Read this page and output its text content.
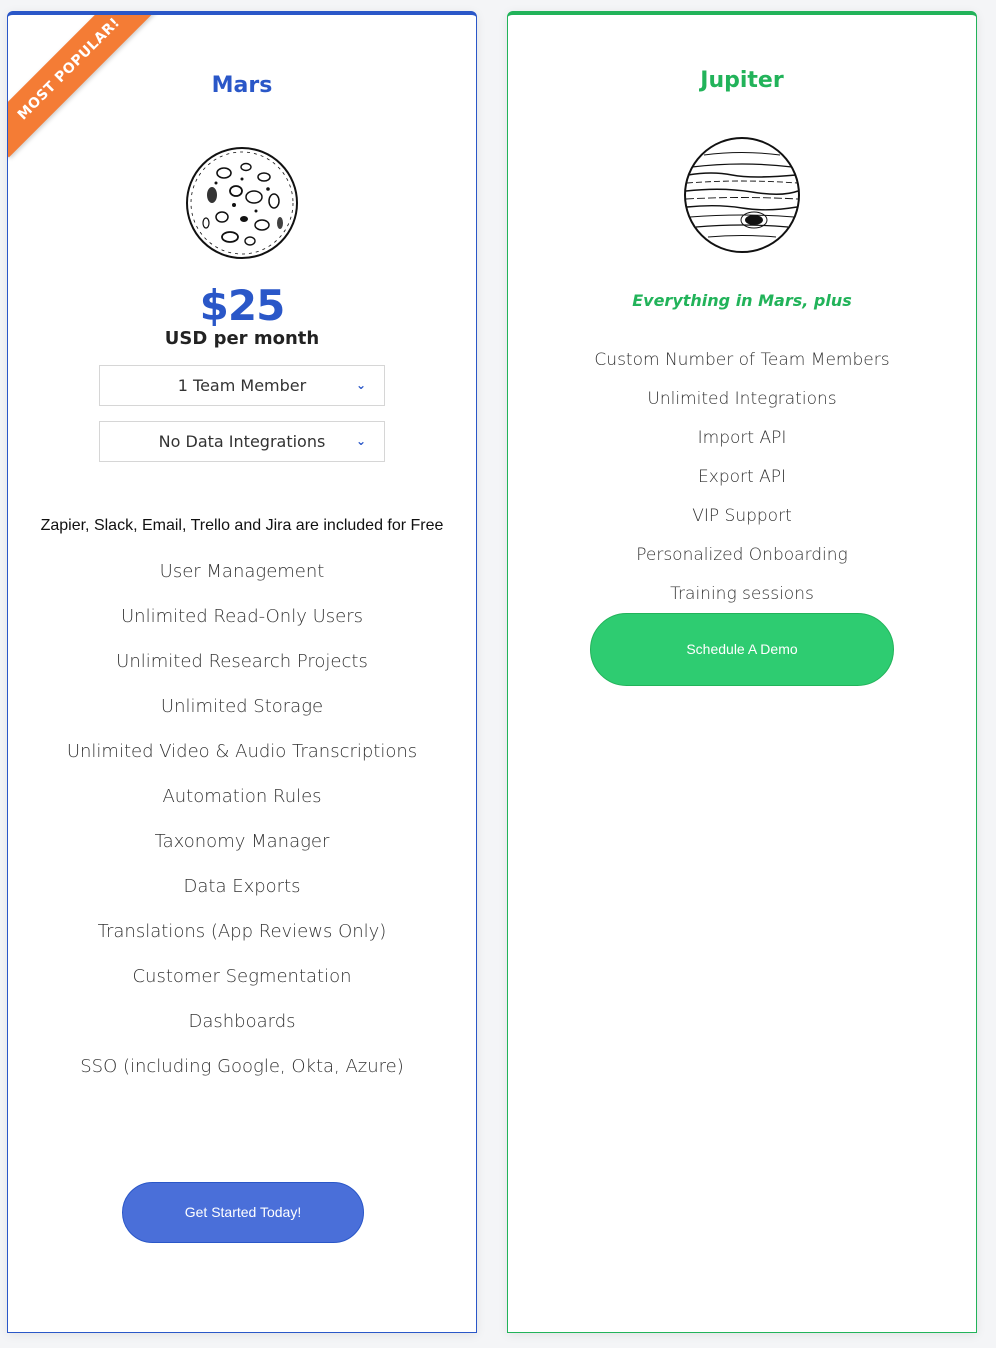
MOST POPULAR!	Mars
$25
USD per month
1 Team Member	⌄
No Data Integrations	⌄
Zapier, Slack, Email, Trello and Jira are included for Free
User Management
Unlimited Read-Only Users
Unlimited Research Projects
Unlimited Storage
Unlimited Video & Audio Transcriptions
Automation Rules
Taxonomy Manager
Data Exports
Translations (App Reviews Only)
Customer Segmentation
Dashboards
SSO (including Google, Okta, Azure)
Get Started Today!
Jupiter
Everything in Mars, plus
Custom Number of Team Members
Unlimited Integrations
Import API
Export API
VIP Support
Personalized Onboarding
Training sessions
Schedule A Demo
